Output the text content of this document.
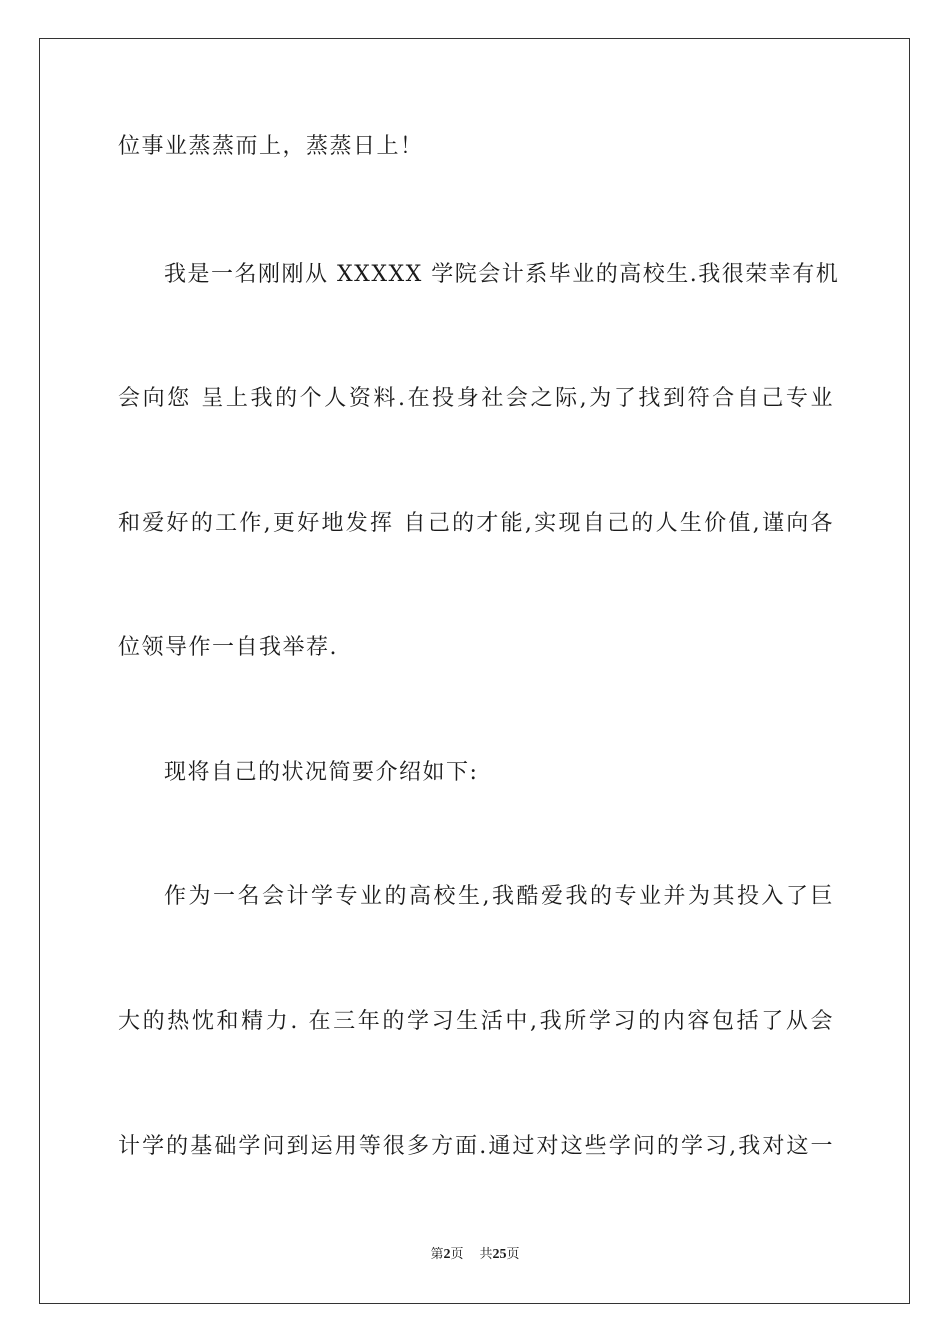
位事业蒸蒸而上，蒸蒸日上！
我是一名刚刚从 XXXXX 学院会计系毕业的高校生.我很荣幸有机
会向您 呈上我的个人资料.在投身社会之际,为了找到符合自己专业
和爱好的工作,更好地发挥 自己的才能,实现自己的人生价值,谨向各
位领导作一自我举荐.
现将自己的状况简要介绍如下:
作为一名会计学专业的高校生,我酷爱我的专业并为其投入了巨
大的热忱和精力. 在三年的学习生活中,我所学习的内容包括了从会
计学的基础学问到运用等很多方面.通过对这些学问的学习,我对这一
第2页 共25页
